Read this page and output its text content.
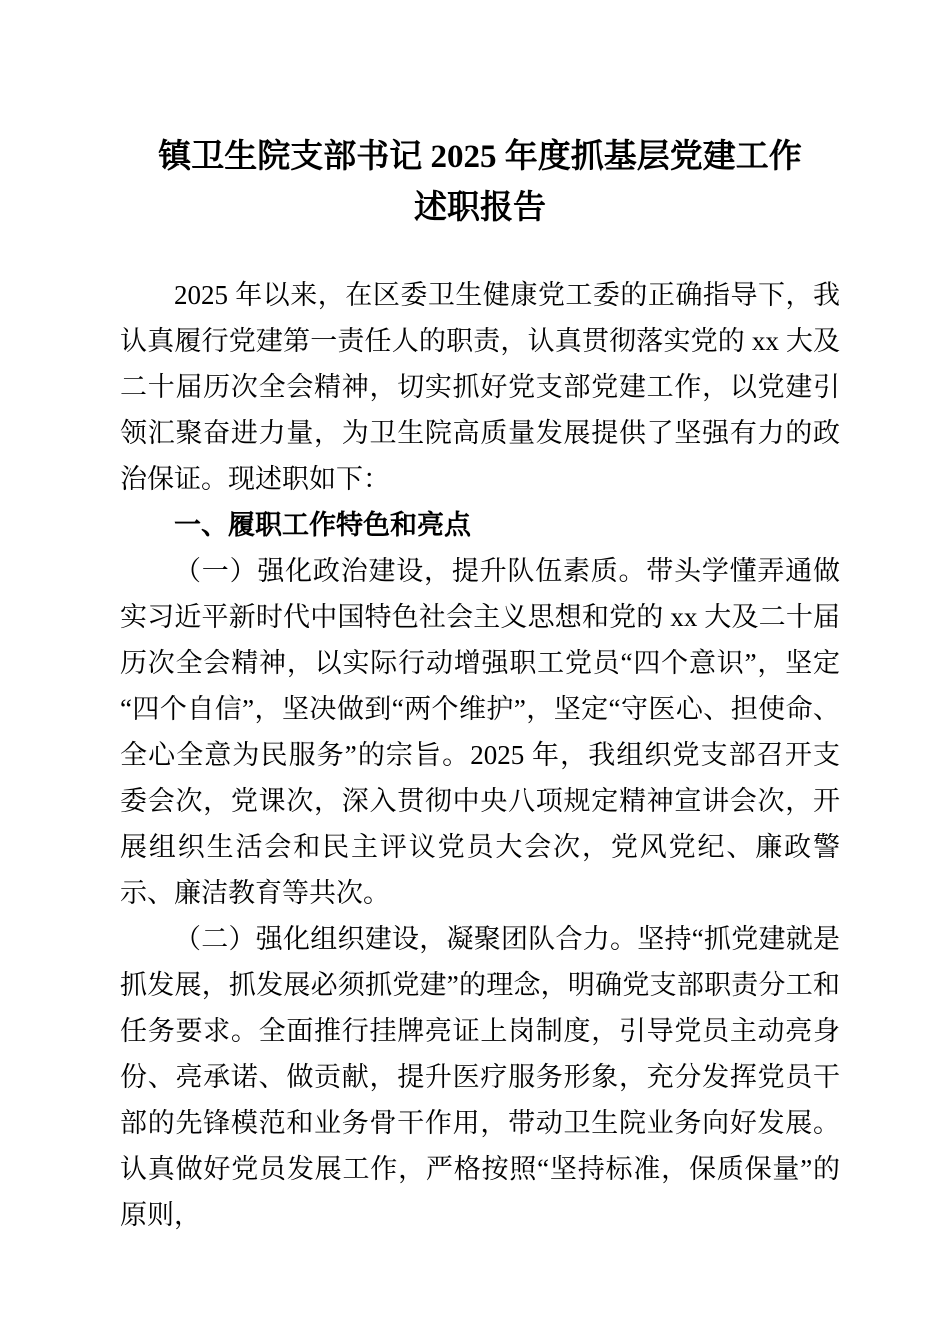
镇卫生院支部书记 2025 年度抓基层党建工作
述职报告

2025 年以来，在区委卫生健康党工委的正确指导下，我认真履行党建第一责任人的职责，认真贯彻落实党的 xx 大及二十届历次全会精神，切实抓好党支部党建工作，以党建引领汇聚奋进力量，为卫生院高质量发展提供了坚强有力的政治保证。现述职如下：

一、履职工作特色和亮点

（一）强化政治建设，提升队伍素质。带头学懂弄通做实习近平新时代中国特色社会主义思想和党的 xx 大及二十届历次全会精神，以实际行动增强职工党员“四个意识”，坚定“四个自信”，坚决做到“两个维护”，坚定“守医心、担使命、全心全意为民服务”的宗旨。2025 年，我组织党支部召开支委会次，党课次，深入贯彻中央八项规定精神宣讲会次，开展组织生活会和民主评议党员大会次，党风党纪、廉政警示、廉洁教育等共次。

（二）强化组织建设，凝聚团队合力。坚持“抓党建就是抓发展，抓发展必须抓党建”的理念，明确党支部职责分工和任务要求。全面推行挂牌亮证上岗制度，引导党员主动亮身份、亮承诺、做贡献，提升医疗服务形象，充分发挥党员干部的先锋模范和业务骨干作用，带动卫生院业务向好发展。认真做好党员发展工作，严格按照“坚持标准，保质保量”的原则，
